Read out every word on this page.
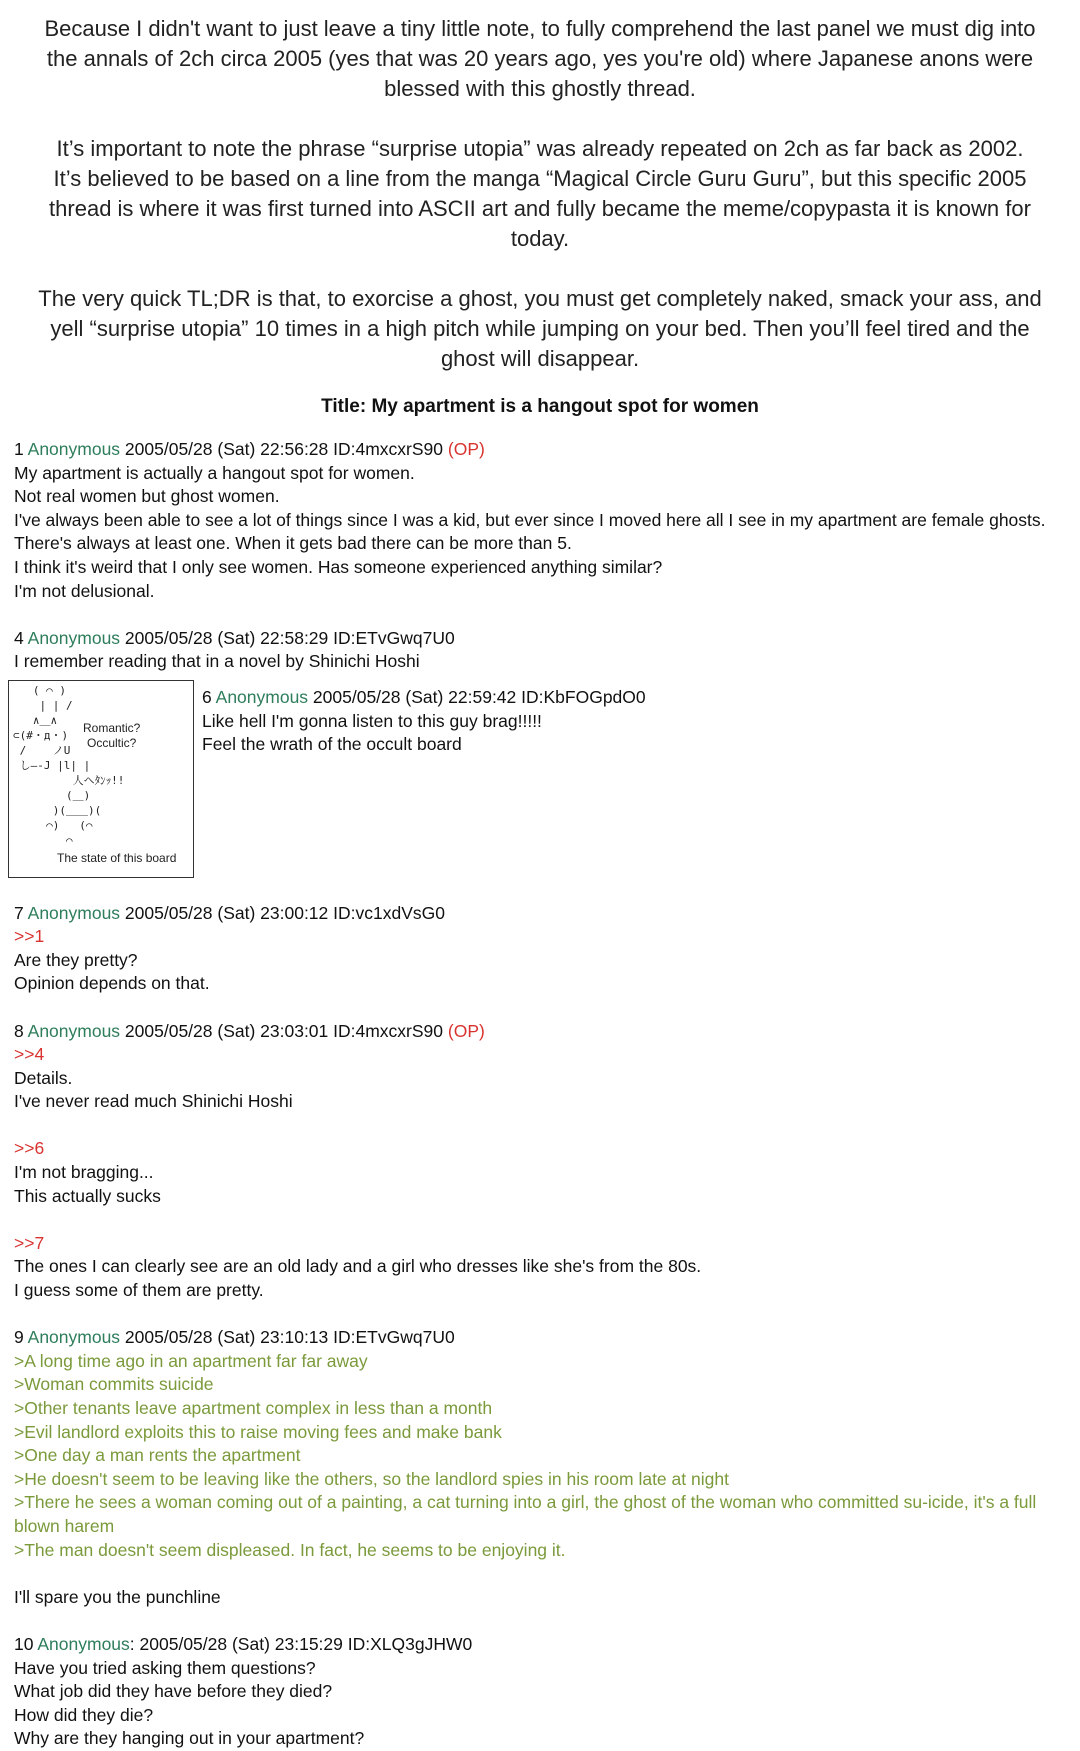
Because I didn't want to just leave a tiny little note, to fully comprehend the last panel we must dig into the annals of 2ch circa 2005 (yes that was 20 years ago, yes you're old) where Japanese anons were blessed with this ghostly thread.

It’s important to note the phrase “surprise utopia” was already repeated on 2ch as far back as 2002.
It’s believed to be based on a line from the manga “Magical Circle Guru Guru”, but this specific 2005 thread is where it was first turned into ASCII art and fully became the meme/copypasta it is known for today.

The very quick TL;DR is that, to exorcise a ghost, you must get completely naked, smack your ass, and yell “surprise utopia” 10 times in a high pitch while jumping on your bed. Then you’ll feel tired and the ghost will disappear.

Title: My apartment is a hangout spot for women
1 Anonymous 2005/05/28 (Sat) 22:56:28 ID:4mxcxrS90 (OP)
My apartment is actually a hangout spot for women.
Not real women but ghost women.
I've always been able to see a lot of things since I was a kid, but ever since I moved here all I see in my apartment are female ghosts.
There's always at least one. When it gets bad there can be more than 5.
I think it's weird that I only see women. Has someone experienced anything similar?
I'm not delusional.
4 Anonymous 2005/05/28 (Sat) 22:58:29 ID:ETvGwq7U0
I remember reading that in a novel by Shinichi Hoshi
( ⌒ )
| | /
∧＿∧
⊂(#・д・)
/    ノU
し―-J |l| |
人ヘﾀﾝｯ!!
(＿)
)(＿＿)(
⌒)   (⌒
⌒
Romantic?
Occultic?
The state of this board
6 Anonymous 2005/05/28 (Sat) 22:59:42 ID:KbFOGpdO0
Like hell I'm gonna listen to this guy brag!!!!!
Feel the wrath of the occult board
7 Anonymous 2005/05/28 (Sat) 23:00:12 ID:vc1xdVsG0
>>1
Are they pretty?
Opinion depends on that.
8 Anonymous 2005/05/28 (Sat) 23:03:01 ID:4mxcxrS90 (OP)
>>4
Details.
I've never read much Shinichi Hoshi
>>6
I'm not bragging...
This actually sucks
>>7
The ones I can clearly see are an old lady and a girl who dresses like she's from the 80s.
I guess some of them are pretty.
9 Anonymous 2005/05/28 (Sat) 23:10:13 ID:ETvGwq7U0
>A long time ago in an apartment far far away
>Woman commits suicide
>Other tenants leave apartment complex in less than a month
>Evil landlord exploits this to raise moving fees and make bank
>One day a man rents the apartment
>He doesn't seem to be leaving like the others, so the landlord spies in his room late at night
>There he sees a woman coming out of a painting, a cat turning into a girl, the ghost of the woman who committed su-icide, it's a full blown harem
>The man doesn't seem displeased. In fact, he seems to be enjoying it.
I'll spare you the punchline
10 Anonymous: 2005/05/28 (Sat) 23:15:29 ID:XLQ3gJHW0
Have you tried asking them questions?
What job did they have before they died?
How did they die?
Why are they hanging out in your apartment?
